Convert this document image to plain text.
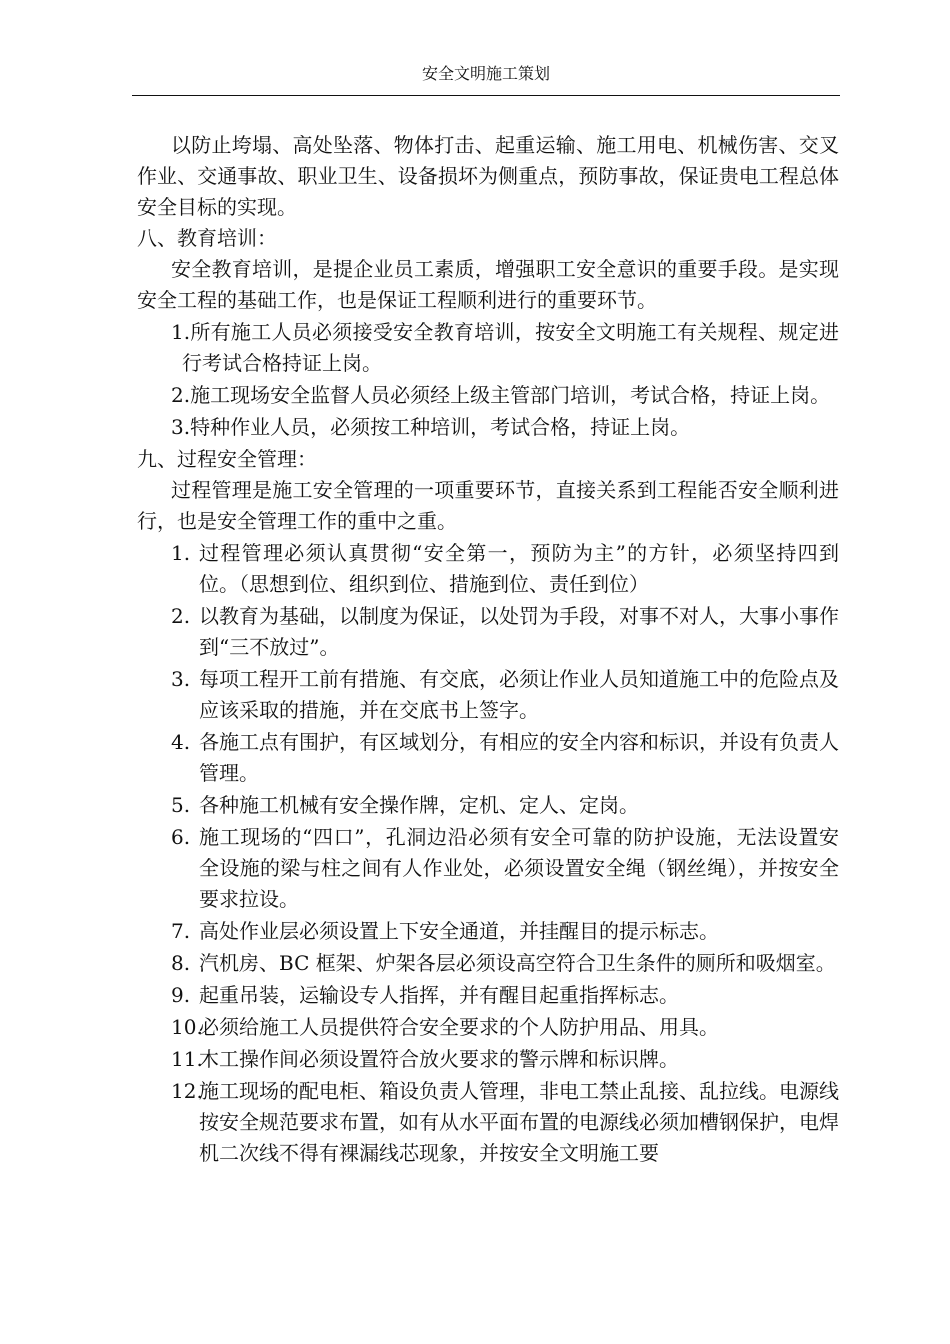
安全文明施工策划
以防止垮塌、高处坠落、物体打击、起重运输、施工用电、机械伤害、交叉作业、交通事故、职业卫生、设备损坏为侧重点，预防事故，保证贵电工程总体安全目标的实现。
八、教育培训：
安全教育培训，是提企业员工素质，增强职工安全意识的重要手段。是实现安全工程的基础工作，也是保证工程顺利进行的重要环节。
1.所有施工人员必须接受安全教育培训，按安全文明施工有关规程、规定进行考试合格持证上岗。
2.施工现场安全监督人员必须经上级主管部门培训，考试合格，持证上岗。
3.特种作业人员，必须按工种培训，考试合格，持证上岗。
九、过程安全管理：
过程管理是施工安全管理的一项重要环节，直接关系到工程能否安全顺利进行，也是安全管理工作的重中之重。
1. 过程管理必须认真贯彻“安全第一，预防为主”的方针，必须坚持四到位。（思想到位、组织到位、措施到位、责任到位）
2. 以教育为基础，以制度为保证，以处罚为手段，对事不对人，大事小事作到“三不放过”。
3. 每项工程开工前有措施、有交底，必须让作业人员知道施工中的危险点及应该采取的措施，并在交底书上签字。
4. 各施工点有围护，有区域划分，有相应的安全内容和标识，并设有负责人管理。
5. 各种施工机械有安全操作牌，定机、定人、定岗。
6. 施工现场的“四口”，孔洞边沿必须有安全可靠的防护设施，无法设置安全设施的梁与柱之间有人作业处，必须设置安全绳（钢丝绳），并按安全要求拉设。
7. 高处作业层必须设置上下安全通道，并挂醒目的提示标志。
8. 汽机房、BC 框架、炉架各层必须设高空符合卫生条件的厕所和吸烟室。
9. 起重吊装，运输设专人指挥，并有醒目起重指挥标志。
10.
必须给施工人员提供符合安全要求的个人防护用品、用具。
11.
木工操作间必须设置符合放火要求的警示牌和标识牌。
12.
施工现场的配电柜、箱设负责人管理，非电工禁止乱接、乱拉线。电源线按安全规范要求布置，如有从水平面布置的电源线必须加槽钢保护，电焊机二次线不得有裸漏线芯现象，并按安全文明施工要
